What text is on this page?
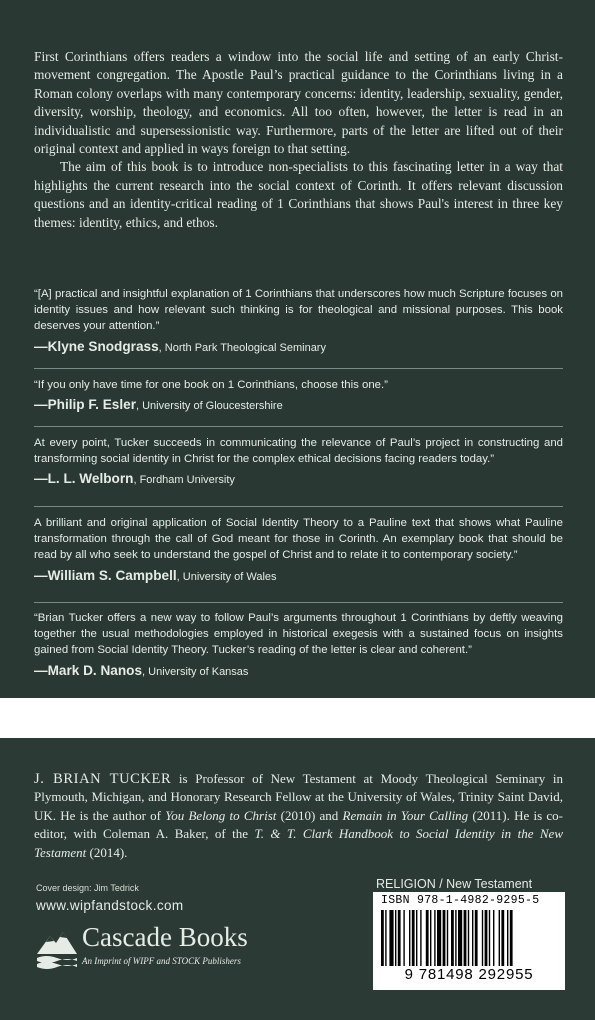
First Corinthians offers readers a window into the social life and setting of an early Christ-movement congregation. The Apostle Paul’s practical guidance to the Corinthians living in a Roman colony overlaps with many contemporary concerns: identity, leadership, sexuality, gender, diversity, worship, theology, and economics. All too often, however, the letter is read in an individualistic and supersessionistic way. Furthermore, parts of the letter are lifted out of their original context and applied in ways foreign to that setting.

The aim of this book is to introduce non-specialists to this fascinating letter in a way that highlights the current research into the social context of Corinth. It offers relevant discussion questions and an identity-critical reading of 1 Corinthians that shows Paul's interest in three key themes: identity, ethics, and ethos.

“[A] practical and insightful explanation of 1 Corinthians that underscores how much Scripture focuses on identity issues and how relevant such thinking is for theological and missional purposes. This book deserves your attention.”
—Klyne Snodgrass, North Park Theological Seminary
“If you only have time for one book on 1 Corinthians, choose this one.”
—Philip F. Esler, University of Gloucestershire
At every point, Tucker succeeds in communicating the relevance of Paul’s project in constructing and transforming social identity in Christ for the complex ethical decisions facing readers today.”
—L. L. Welborn, Fordham University
A brilliant and original application of Social Identity Theory to a Pauline text that shows what Pauline transformation through the call of God meant for those in Corinth. An exemplary book that should be read by all who seek to understand the gospel of Christ and to relate it to contemporary society.”
—William S. Campbell, University of Wales
“Brian Tucker offers a new way to follow Paul’s arguments throughout 1 Corinthians by deftly weaving together the usual methodologies employed in historical exegesis with a sustained focus on insights gained from Social Identity Theory. Tucker’s reading of the letter is clear and coherent.”
—Mark D. Nanos, University of Kansas
J. BRIAN TUCKER is Professor of New Testament at Moody Theological Seminary in Plymouth, Michigan, and Honorary Research Fellow at the University of Wales, Trinity Saint David, UK. He is the author of You Belong to Christ (2010) and Remain in Your Calling (2011). He is co-editor, with Coleman A. Baker, of the T. & T. Clark Handbook to Social Identity in the New Testament (2014).
Cover design: Jim Tedrick
www.wipfandstock.com
Cascade Books
An Imprint of WIPF and STOCK Publishers
RELIGION / New Testament
ISBN 978-1-4982-9295-5
9 781498 292955
